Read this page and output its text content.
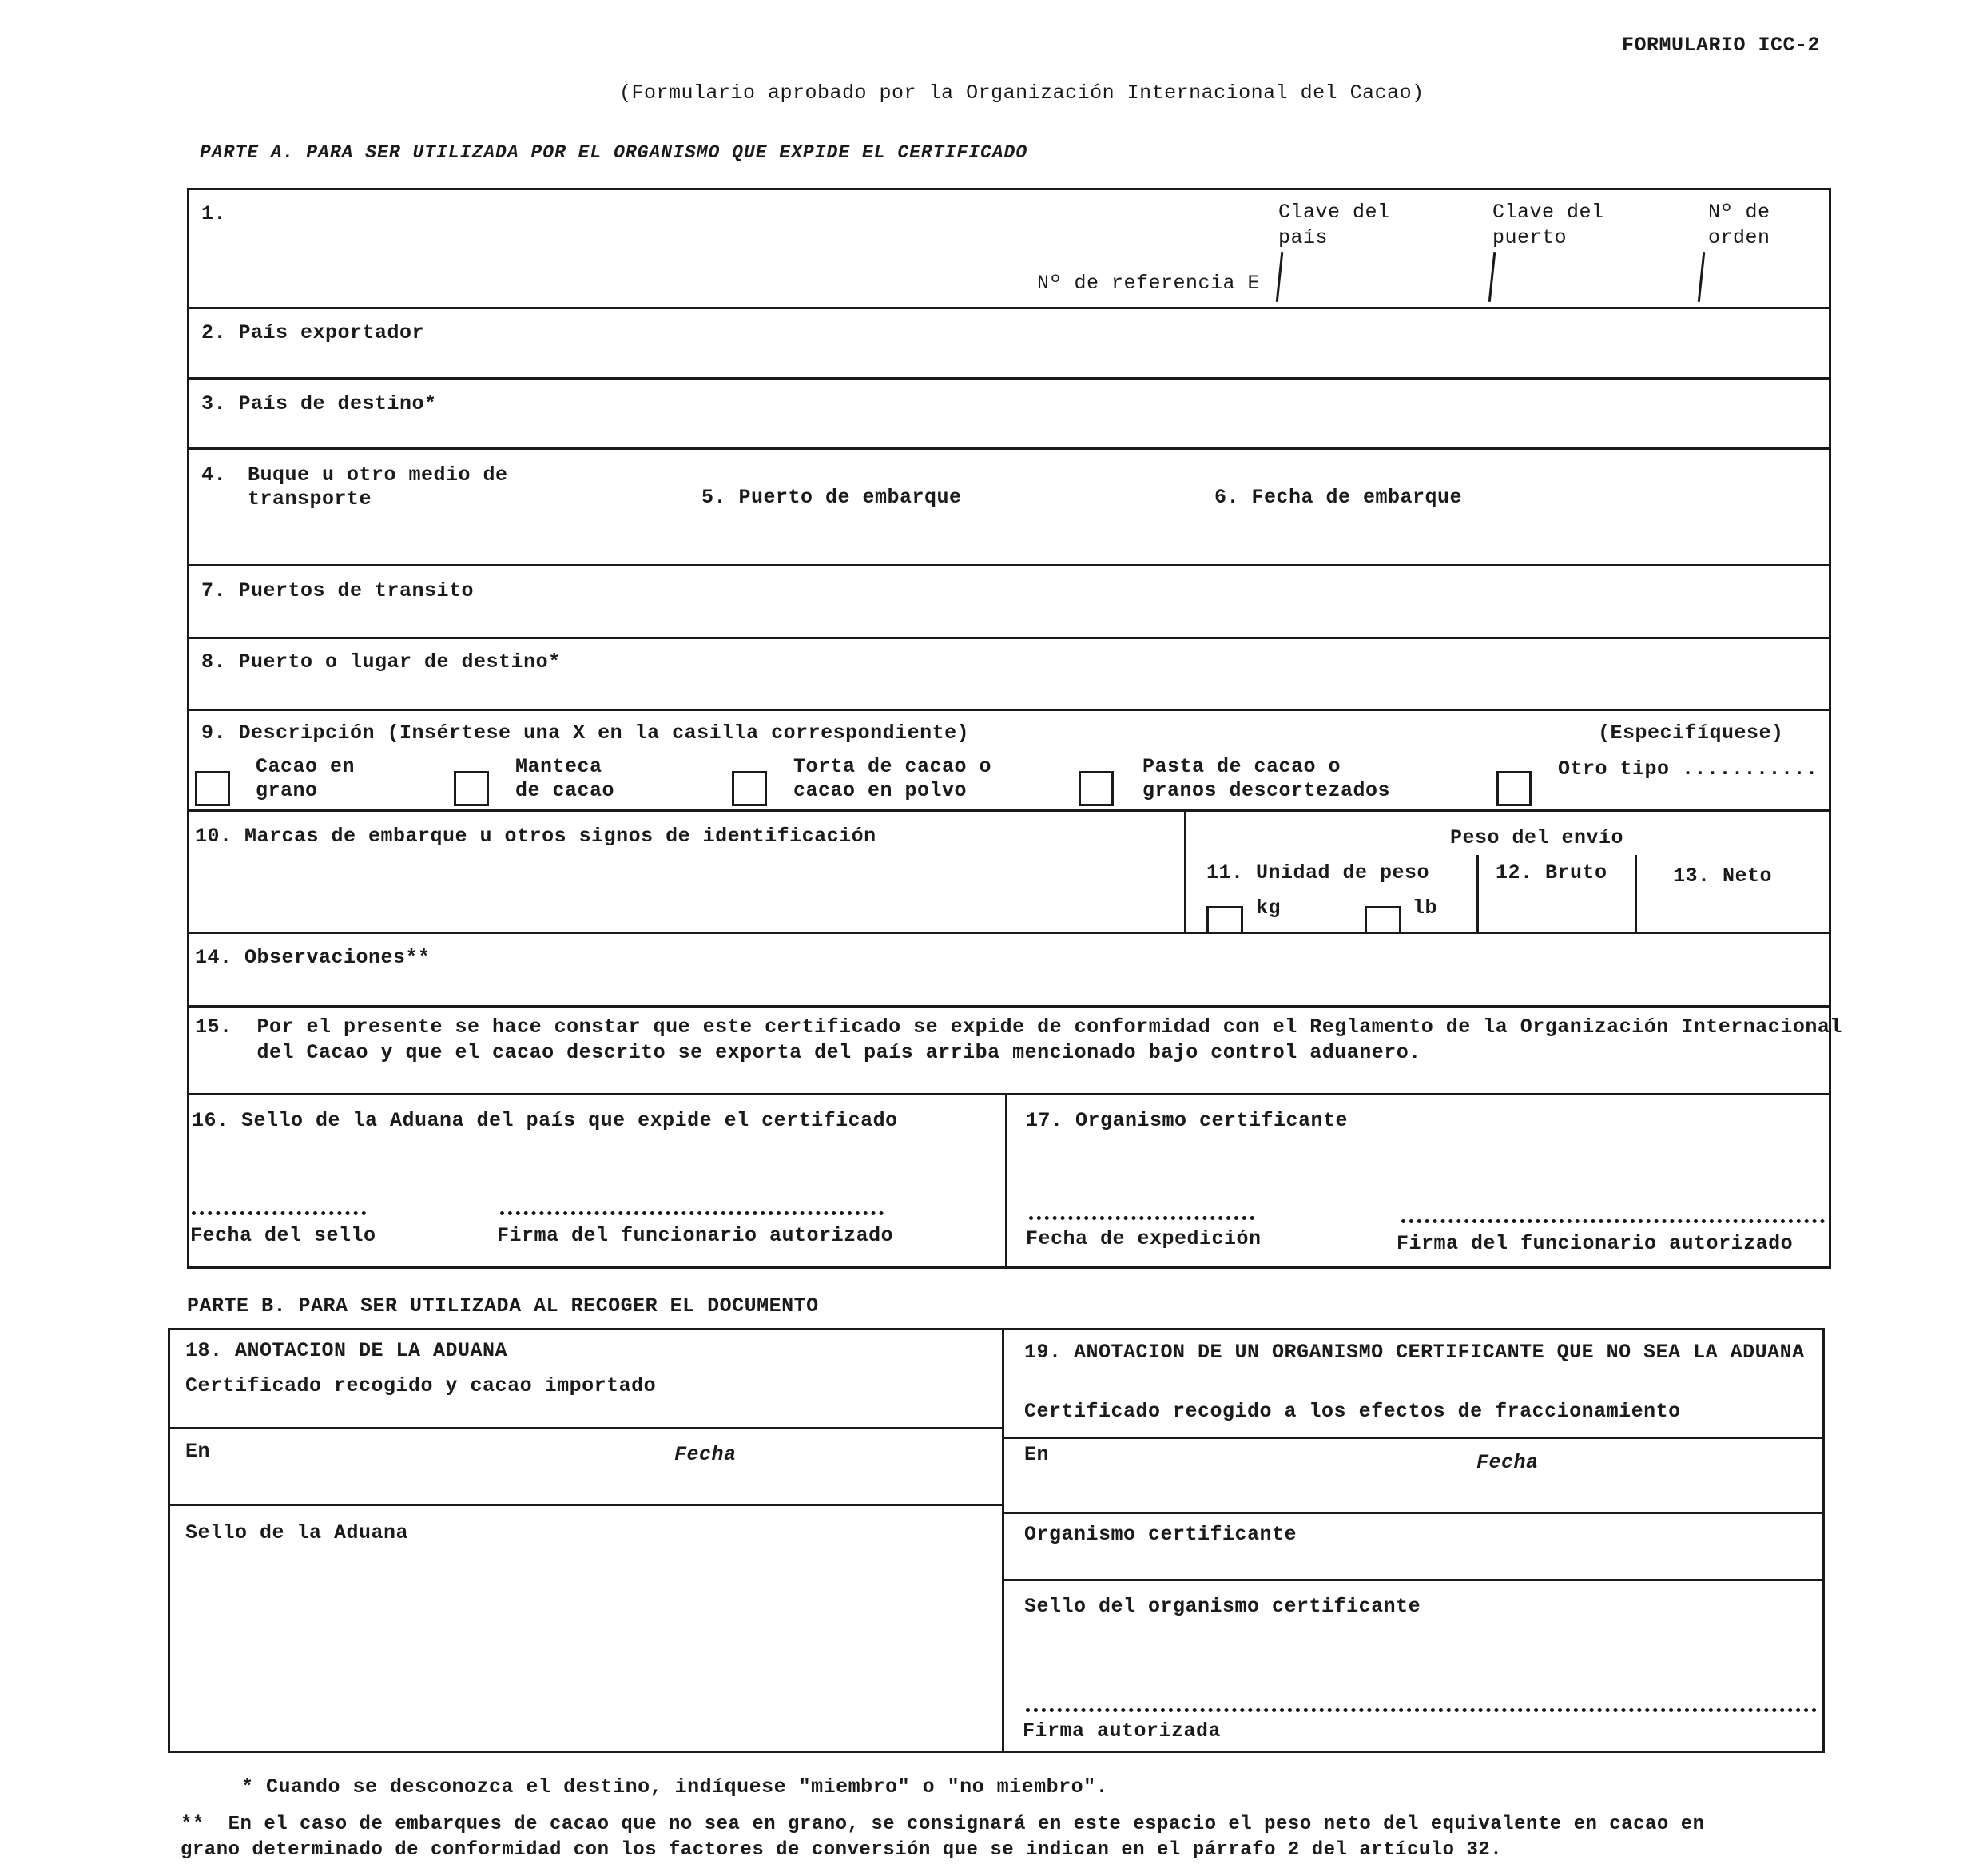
FORMULARIO ICC-2
(Formulario aprobado por la Organización Internacional del Cacao)
PARTE A. PARA SER UTILIZADA POR EL ORGANISMO QUE EXPIDE EL CERTIFICADO
1.	Clave del
país
Clave del
puerto
Nº de
orden
Nº de referencia E
2. País exportador
3. País de destino*
4. Buque u otro medio de
transporte	5. Puerto de embarque	6. Fecha de embarque
7. Puertos de transito
8. Puerto o lugar de destino*
9. Descripción (Insértese una X en la casilla correspondiente)	(Especifíquese)
Cacao en
grano
Manteca
de cacao
Torta de cacao o
cacao en polvo
Pasta de cacao o
granos descortezados
Otro tipo ...........
10. Marcas de embarque u otros signos de identificación	Peso del envío
11. Unidad de peso
kg	lb
12. Bruto	13. Neto
14. Observaciones**
15.  Por el presente se hace constar que este certificado se expide de conformidad con el Reglamento de la Organización Internacional
del Cacao y que el cacao descrito se exporta del país arriba mencionado bajo control aduanero.
16. Sello de la Aduana del país que expide el certificado
Fecha del sello	Firma del funcionario autorizado
17. Organismo certificante
Fecha de expedición	Firma del funcionario autorizado
PARTE B. PARA SER UTILIZADA AL RECOGER EL DOCUMENTO
18. ANOTACION DE LA ADUANA
Certificado recogido y cacao importado
En	Fecha
Sello de la Aduana
19. ANOTACION DE UN ORGANISMO CERTIFICANTE QUE NO SEA LA ADUANA
Certificado recogido a los efectos de fraccionamiento
En	Fecha
Organismo certificante
Sello del organismo certificante
Firma autorizada
* Cuando se desconozca el destino, indíquese "miembro" o "no miembro".
**  En el caso de embarques de cacao que no sea en grano, se consignará en este espacio el peso neto del equivalente en cacao en
grano determinado de conformidad con los factores de conversión que se indican en el párrafo 2 del artículo 32.
